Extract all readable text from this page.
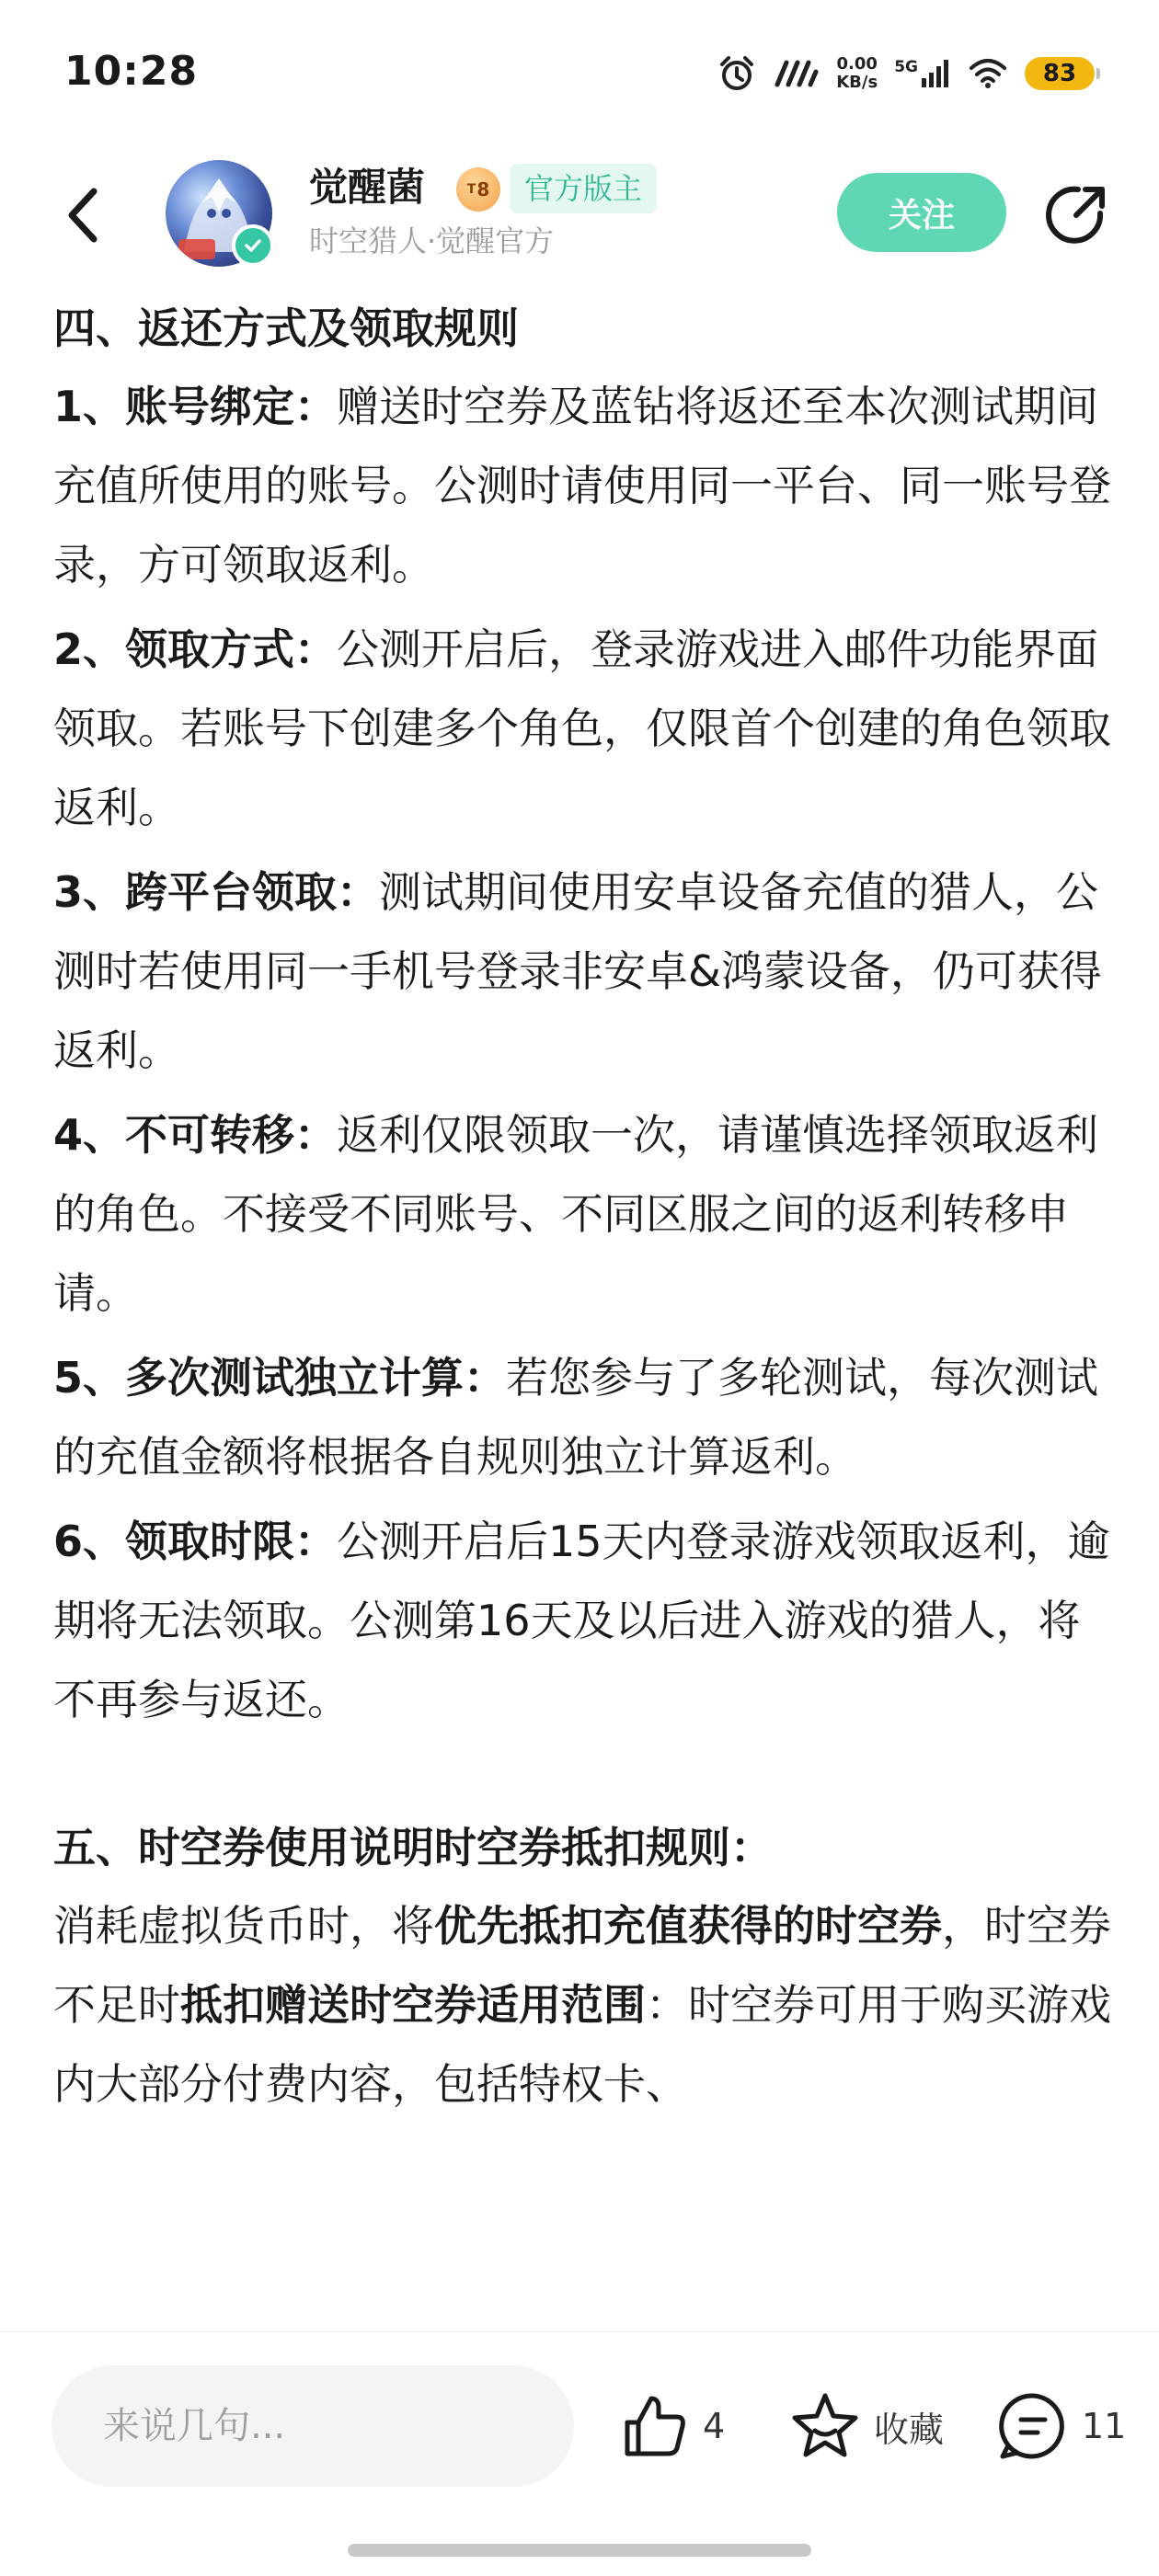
10:28	0.00
KB/s
5G	83
觉醒菌	T 8	官方版主
时空猎人·觉醒官方
关注

四、返还方式及领取规则

1、账号绑定：赠送时空券及蓝钻将返还至本次测试期间充值所使用的账号。公测时请使用同一平台、同一账号登录，方可领取返利。

2、领取方式：公测开启后，登录游戏进入邮件功能界面领取。若账号下创建多个角色，仅限首个创建的角色领取返利。

3、跨平台领取：测试期间使用安卓设备充值的猎人，公测时若使用同一手机号登录非安卓&鸿蒙设备，仍可获得返利。

4、不可转移：返利仅限领取一次，请谨慎选择领取返利的角色。不接受不同账号、不同区服之间的返利转移申请。

5、多次测试独立计算：若您参与了多轮测试，每次测试的充值金额将根据各自规则独立计算返利。

6、领取时限：公测开启后15天内登录游戏领取返利，逾期将无法领取。公测第16天及以后进入游戏的猎人，将不再参与返还。

五、时空券使用说明时空券抵扣规则：

消耗虚拟货币时，将优先抵扣充值获得的时空券，时空券不足时抵扣赠送时空券适用范围：时空券可用于购买游戏内大部分付费内容，包括特权卡、

来说几句...
4	收藏	11
